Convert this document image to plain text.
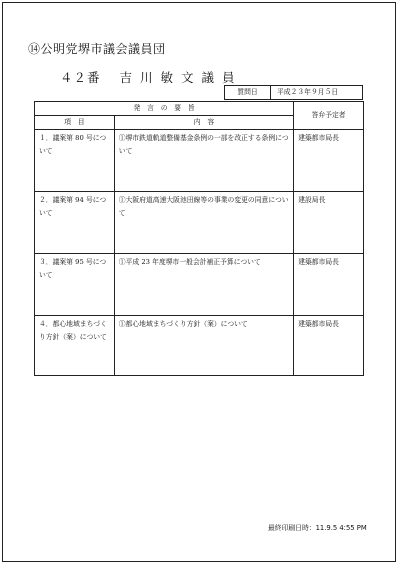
⑭公明党堺市議会議員団
４２番 吉川敏文議員
質問日	平成２３年９月５日
発　言　の　要　旨		答弁予定者
項　目	内　容	
１．議案第 80 号について	①堺市鉄道軌道整備基金条例の一部を改正する条例について	建築都市局長
２．議案第 94 号について	①大阪府道高速大阪池田線等の事業の変更の同意について	建設局長
３．議案第 95 号について	①平成 23 年度堺市一般会計補正予算について	建築都市局長
４．都心地域まちづくり方針（案）について	①都心地域まちづくり方針（案）について	建築都市局長
最終印刷日時：11.9.5 4:55 PM
